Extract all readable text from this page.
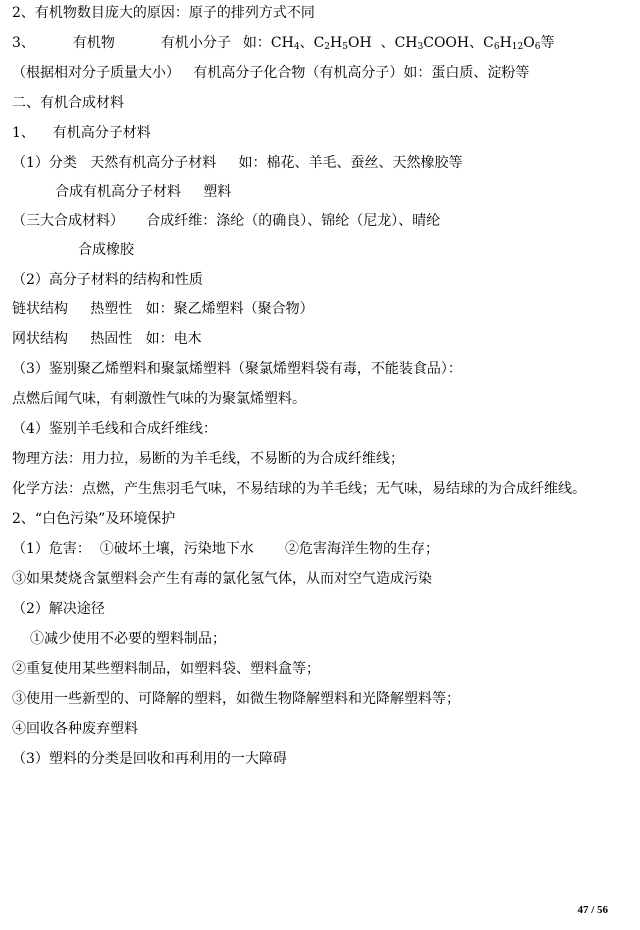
2、有机物数目庞大的原因：原子的排列方式不同
3、	有机物	有机小分子 如：$CH_4$、$C_2H_5OH$  、$CH_3COOH$、$C_6H_{12}O_6$等
（根据相对分子质量大小）   有机高分子化合物（有机高分子）如：蛋白质、淀粉等
二、有机合成材料
1、    有机高分子材料
（1）分类   天然有机高分子材料     如：棉花、羊毛、蚕丝、天然橡胶等
合成有机高分子材料     塑料
（三大合成材料）     合成纤维：涤纶（的确良）、锦纶（尼龙）、晴纶
合成橡胶
（2）高分子材料的结构和性质
链状结构     热塑性   如：聚乙烯塑料（聚合物）
网状结构     热固性   如：电木
（3）鉴别聚乙烯塑料和聚氯烯塑料（聚氯烯塑料袋有毒，不能装食品）：
点燃后闻气味，有刺激性气味的为聚氯烯塑料。
（4）鉴别羊毛线和合成纤维线：
物理方法：用力拉，易断的为羊毛线，不易断的为合成纤维线；
化学方法：点燃，产生焦羽毛气味，不易结球的为羊毛线；无气味，易结球的为合成纤维线。
2、“白色污染”及环境保护
（1）危害：  ①破坏土壤，污染地下水       ②危害海洋生物的生存；
③如果焚烧含氯塑料会产生有毒的氯化氢气体，从而对空气造成污染
（2）解决途径
①减少使用不必要的塑料制品；
②重复使用某些塑料制品，如塑料袋、塑料盒等；
③使用一些新型的、可降解的塑料，如微生物降解塑料和光降解塑料等；
④回收各种废弃塑料
（3）塑料的分类是回收和再利用的一大障碍
47 / 56
